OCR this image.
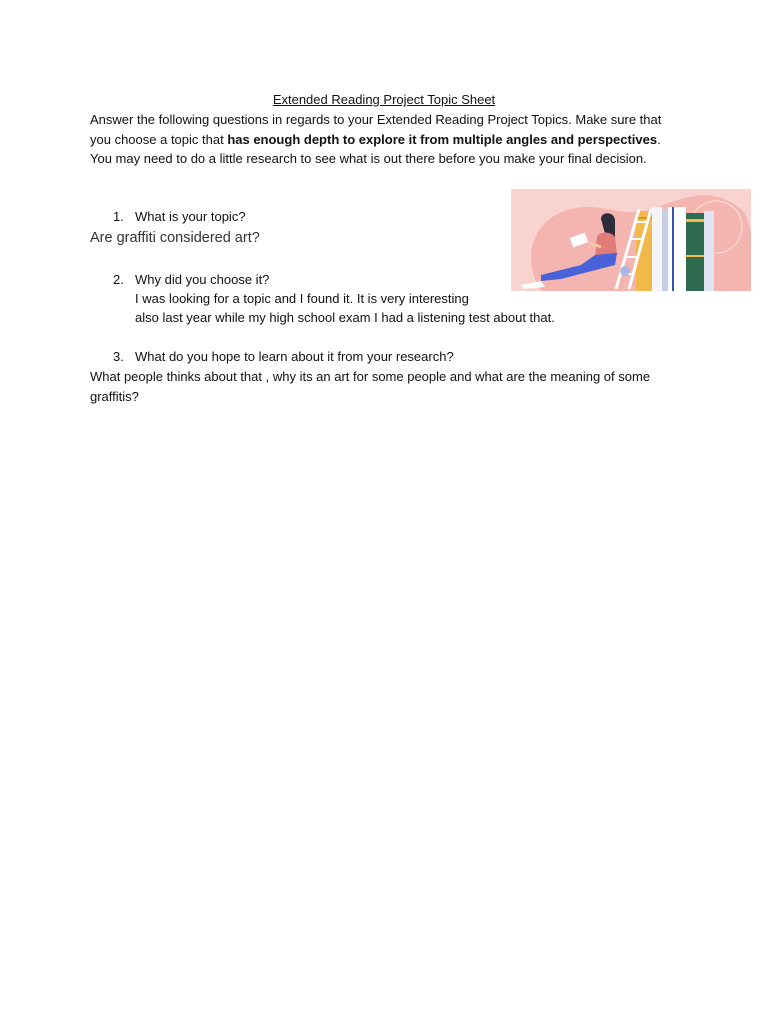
Extended Reading Project Topic Sheet
Answer the following questions in regards to your Extended Reading Project Topics. Make sure that you choose a topic that has enough depth to explore it from multiple angles and perspectives. You may need to do a little research to see what is out there before you make your final decision.
1. What is your topic?
Are graffiti considered art?
2. Why did you choose it?
I was looking for a topic and I found it. It is very interesting
also last year while my high school exam I had a listening test about that.
3. What do you hope to learn about it from your research?
What people thinks about that , why its an art for some people and what are the meaning of some graffitis?
